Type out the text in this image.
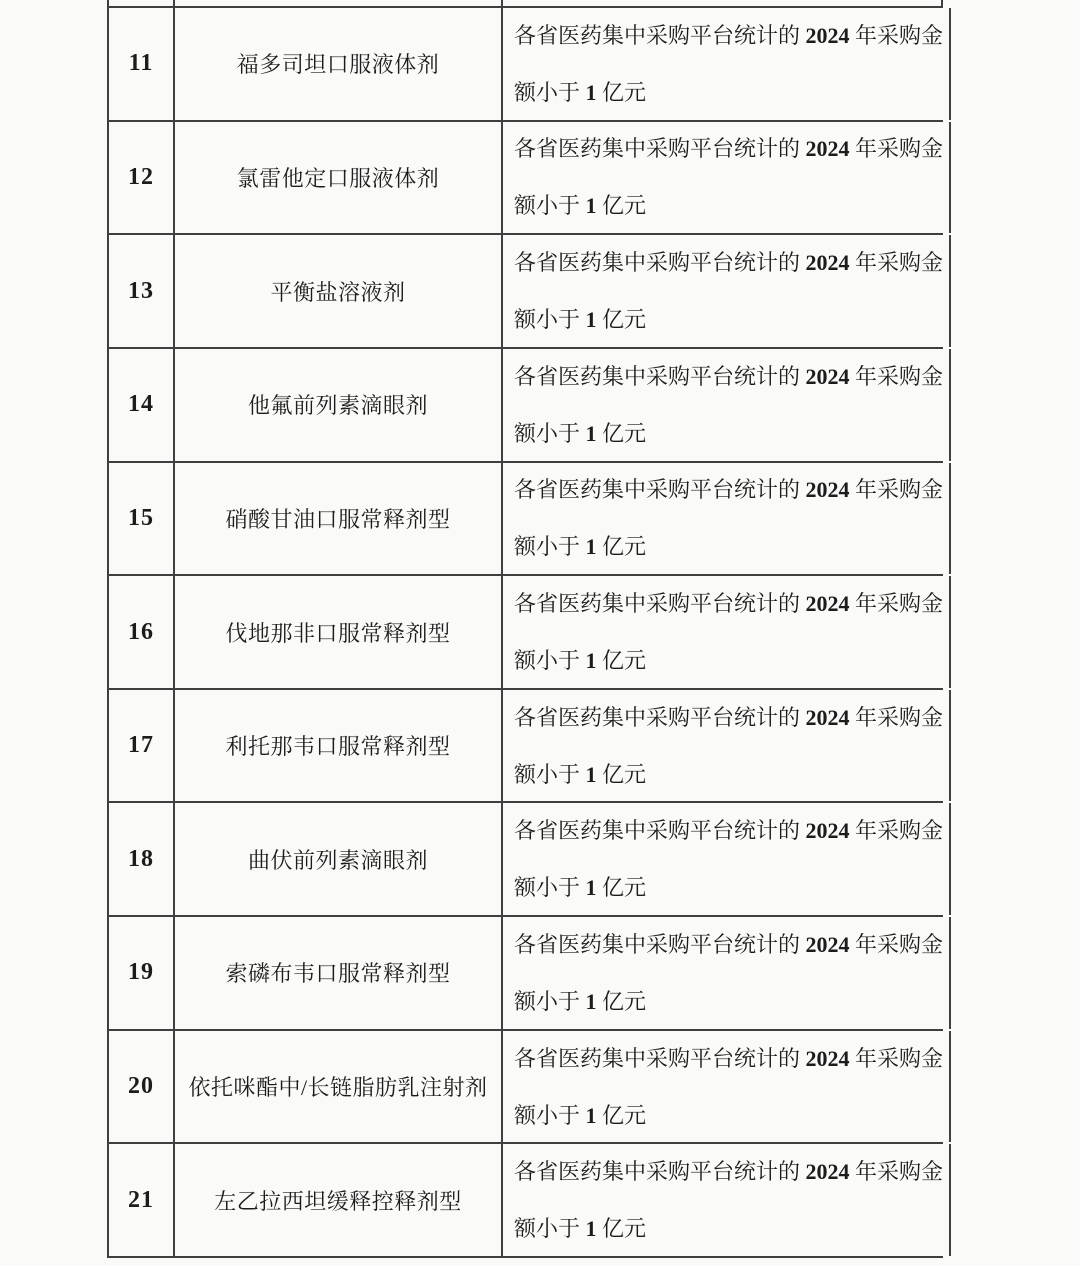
11	福多司坦口服液体剂

各省医药集中采购平台统计的 2024 年采购金

额小于 1 亿元

12	氯雷他定口服液体剂

各省医药集中采购平台统计的 2024 年采购金

额小于 1 亿元

13	平衡盐溶液剂

各省医药集中采购平台统计的 2024 年采购金

额小于 1 亿元

14	他氟前列素滴眼剂

各省医药集中采购平台统计的 2024 年采购金

额小于 1 亿元

15	硝酸甘油口服常释剂型

各省医药集中采购平台统计的 2024 年采购金

额小于 1 亿元

16	伐地那非口服常释剂型

各省医药集中采购平台统计的 2024 年采购金

额小于 1 亿元

17	利托那韦口服常释剂型

各省医药集中采购平台统计的 2024 年采购金

额小于 1 亿元

18	曲伏前列素滴眼剂

各省医药集中采购平台统计的 2024 年采购金

额小于 1 亿元

19	索磷布韦口服常释剂型

各省医药集中采购平台统计的 2024 年采购金

额小于 1 亿元

20 依托咪酯中/长链脂肪乳注射剂

各省医药集中采购平台统计的 2024 年采购金

额小于 1 亿元

21	左乙拉西坦缓释控释剂型

各省医药集中采购平台统计的 2024 年采购金

额小于 1 亿元
